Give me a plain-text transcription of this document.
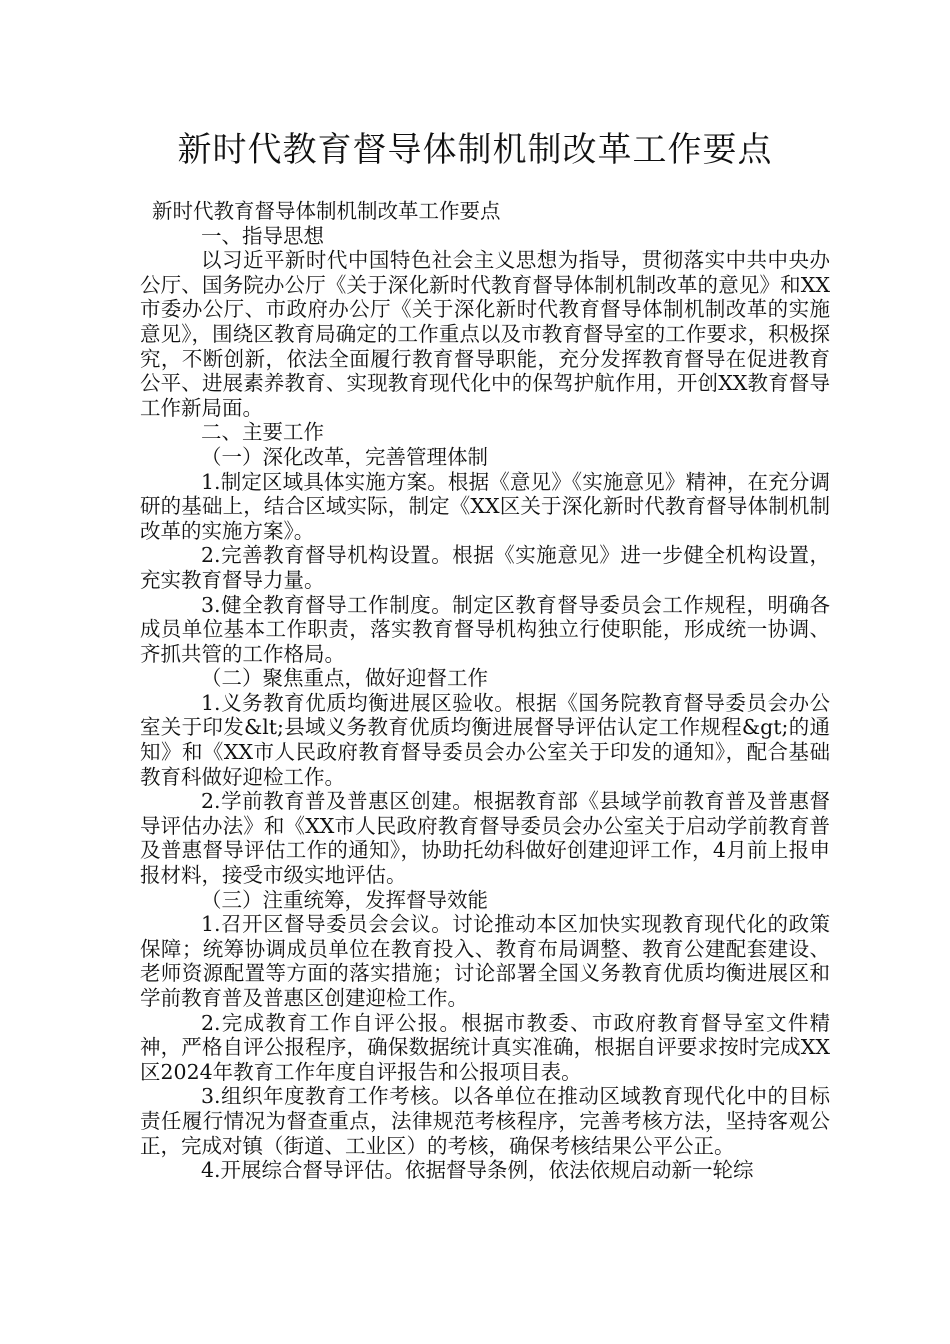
新时代教育督导体制机制改革工作要点

新时代教育督导体制机制改革工作要点

一、指导思想

以习近平新时代中国特色社会主义思想为指导，贯彻落实中共中央办公厅、国务院办公厅《关于深化新时代教育督导体制机制改革的意见》和XX市委办公厅、市政府办公厅《关于深化新时代教育督导体制机制改革的实施意见》，围绕区教育局确定的工作重点以及市教育督导室的工作要求，积极探究，不断创新，依法全面履行教育督导职能，充分发挥教育督导在促进教育公平、进展素养教育、实现教育现代化中的保驾护航作用，开创XX教育督导工作新局面。

二、主要工作

（一）深化改革，完善管理体制

1.制定区域具体实施方案。根据《意见》《实施意见》精神，在充分调研的基础上，结合区域实际，制定《XX区关于深化新时代教育督导体制机制改革的实施方案》。

2.完善教育督导机构设置。根据《实施意见》进一步健全机构设置，充实教育督导力量。

3.健全教育督导工作制度。制定区教育督导委员会工作规程，明确各成员单位基本工作职责，落实教育督导机构独立行使职能，形成统一协调、齐抓共管的工作格局。

（二）聚焦重点，做好迎督工作

1.义务教育优质均衡进展区验收。根据《国务院教育督导委员会办公室关于印发&lt;县域义务教育优质均衡进展督导评估认定工作规程&gt;的通知》和《XX市人民政府教育督导委员会办公室关于印发的通知》，配合基础教育科做好迎检工作。

2.学前教育普及普惠区创建。根据教育部《县域学前教育普及普惠督导评估办法》和《XX市人民政府教育督导委员会办公室关于启动学前教育普及普惠督导评估工作的通知》，协助托幼科做好创建迎评工作，4月前上报申报材料，接受市级实地评估。

（三）注重统筹，发挥督导效能

1.召开区督导委员会会议。讨论推动本区加快实现教育现代化的政策保障；统筹协调成员单位在教育投入、教育布局调整、教育公建配套建设、老师资源配置等方面的落实措施；讨论部署全国义务教育优质均衡进展区和学前教育普及普惠区创建迎检工作。

2.完成教育工作自评公报。根据市教委、市政府教育督导室文件精神，严格自评公报程序，确保数据统计真实准确，根据自评要求按时完成XX区2024年教育工作年度自评报告和公报项目表。

3.组织年度教育工作考核。以各单位在推动区域教育现代化中的目标责任履行情况为督查重点，法律规范考核程序，完善考核方法，坚持客观公正，完成对镇（街道、工业区）的考核，确保考核结果公平公正。

4.开展综合督导评估。依据督导条例，依法依规启动新一轮综
